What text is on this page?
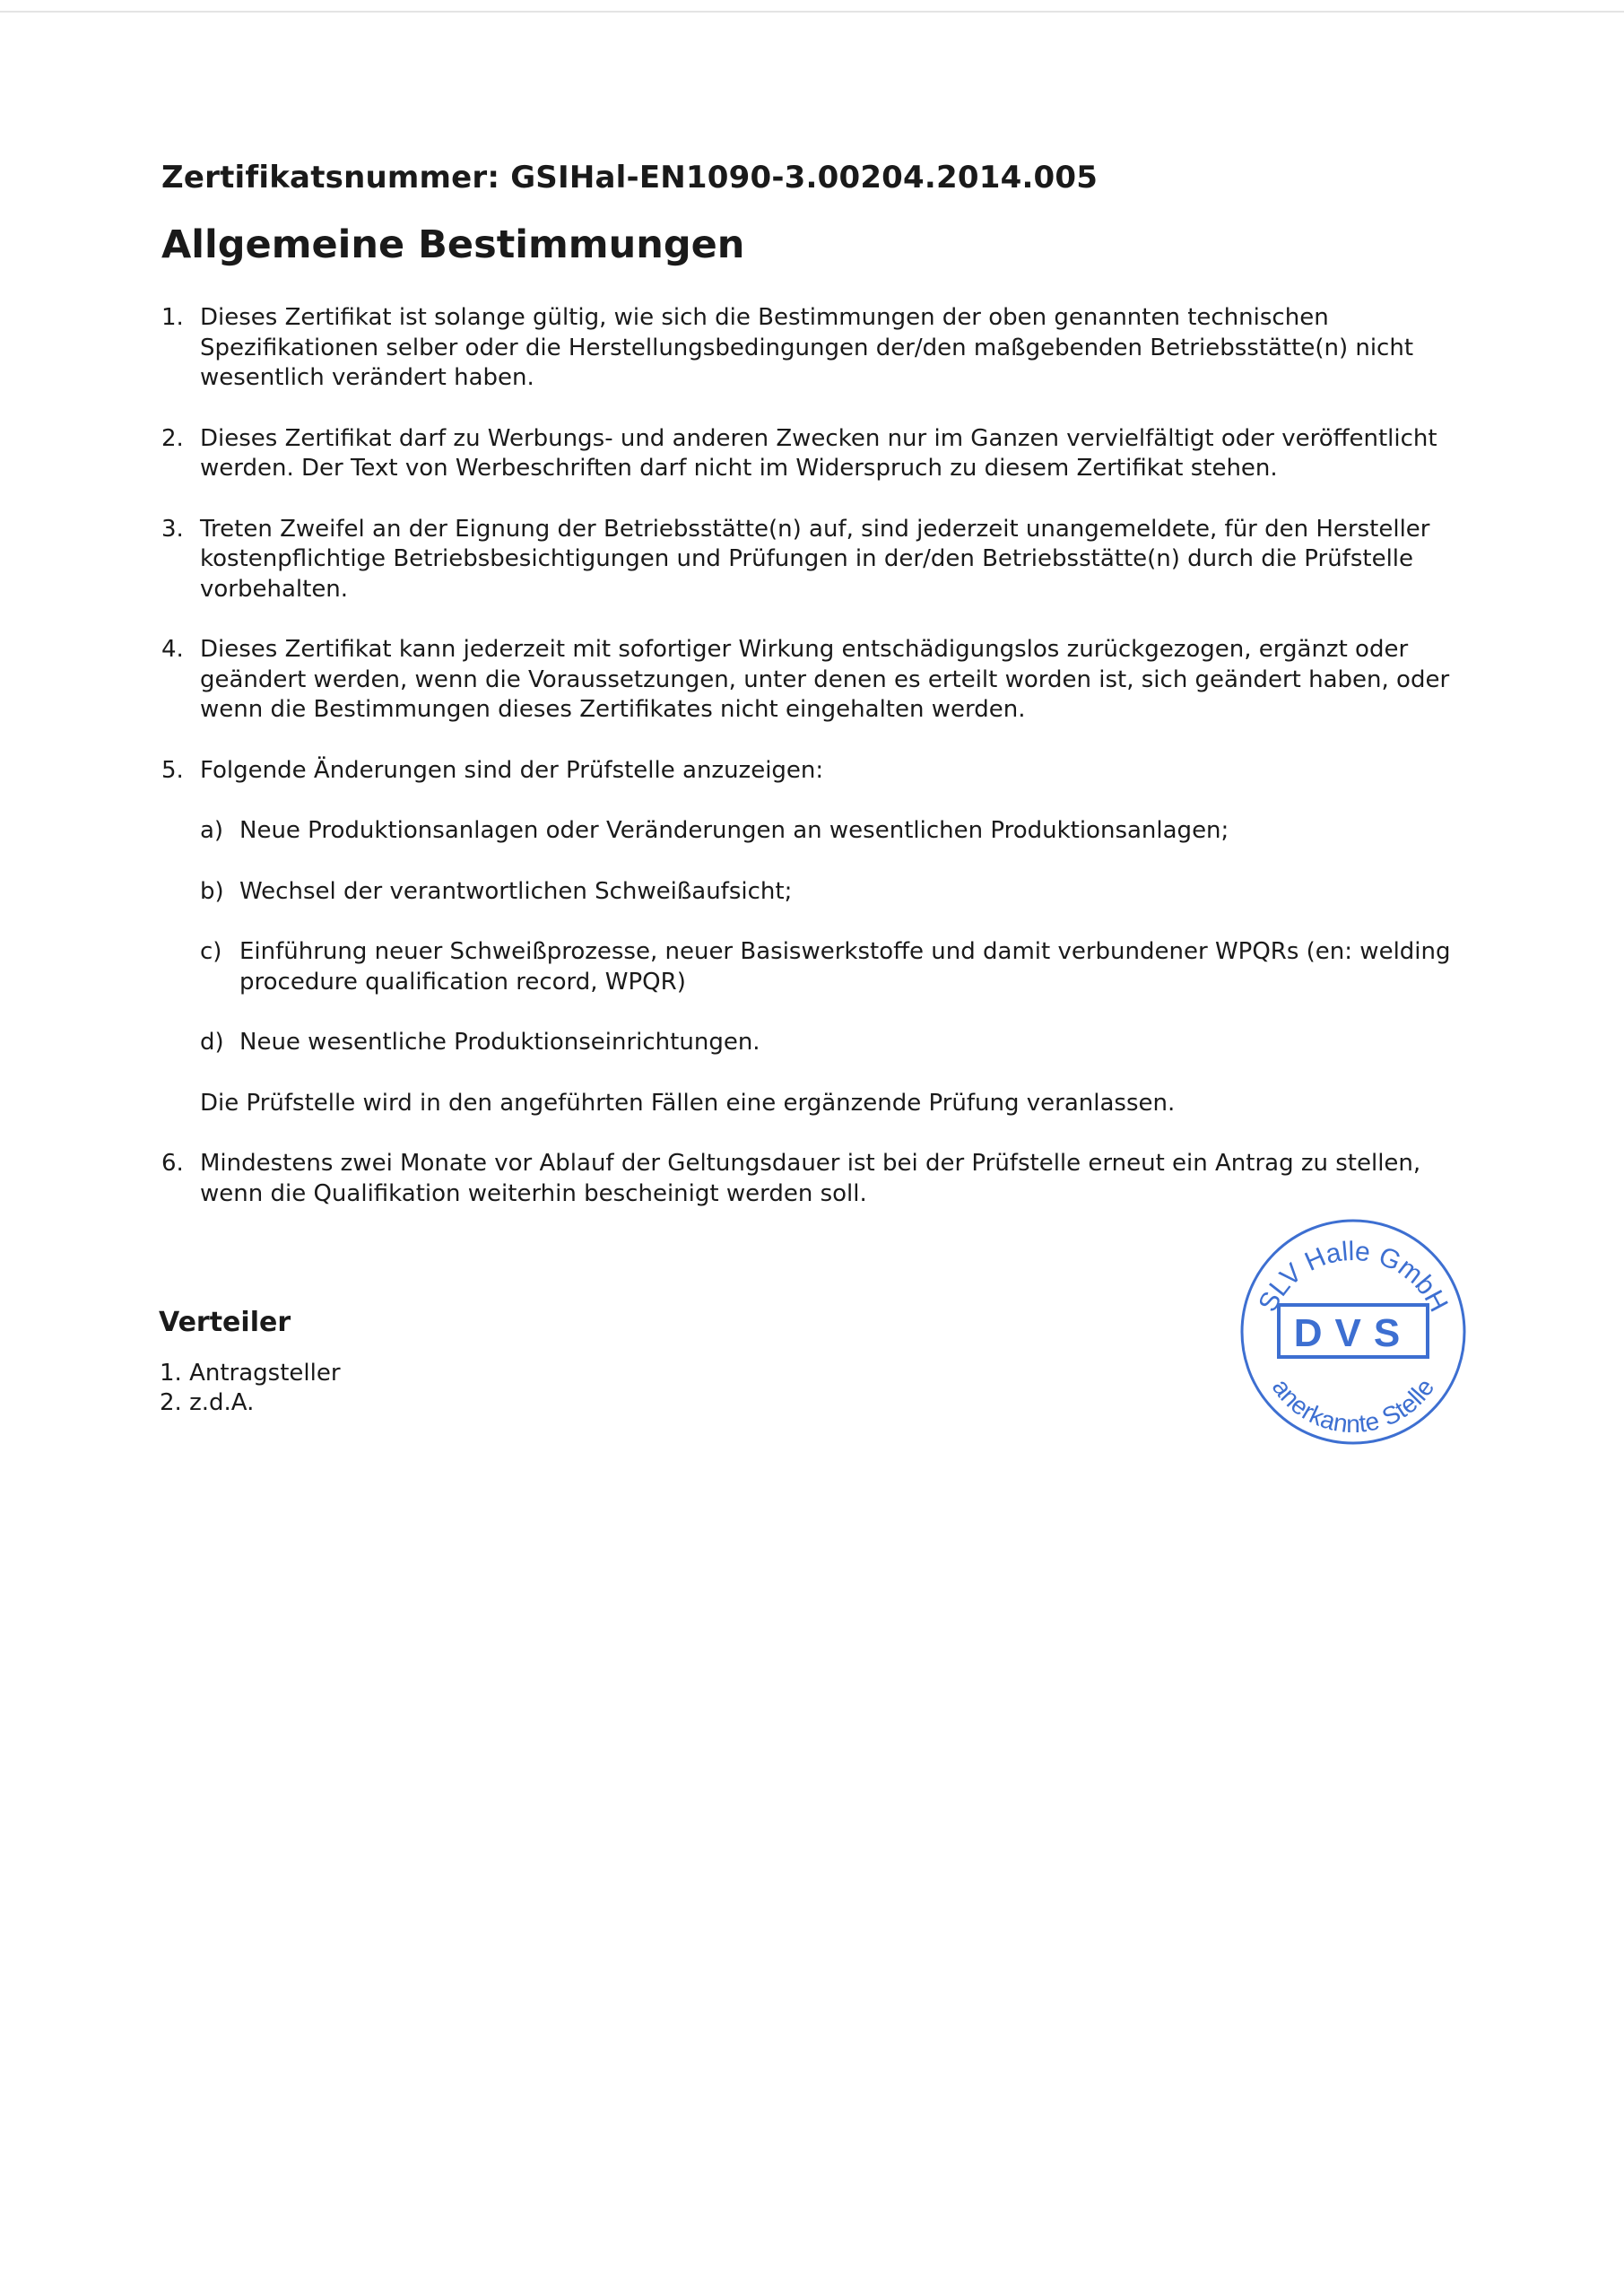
Zertifikatsnummer: GSIHal-EN1090-3.00204.2014.005
Allgemeine Bestimmungen
1. Dieses Zertifikat ist solange gültig, wie sich die Bestimmungen der oben genannten technischen Spezifikationen selber oder die Herstellungsbedingungen der/den maßgebenden Betriebsstätte(n) nicht wesentlich verändert haben.
2. Dieses Zertifikat darf zu Werbungs- und anderen Zwecken nur im Ganzen vervielfältigt oder veröffentlicht werden. Der Text von Werbeschriften darf nicht im Widerspruch zu diesem Zertifikat stehen.
3. Treten Zweifel an der Eignung der Betriebsstätte(n) auf, sind jederzeit unangemeldete, für den Hersteller kostenpflichtige Betriebsbesichtigungen und Prüfungen in der/den Betriebsstätte(n) durch die Prüfstelle vorbehalten.
4. Dieses Zertifikat kann jederzeit mit sofortiger Wirkung entschädigungslos zurückgezogen, ergänzt oder geändert werden, wenn die Voraussetzungen, unter denen es erteilt worden ist, sich geändert haben, oder wenn die Bestimmungen dieses Zertifikates nicht eingehalten werden.
5. Folgende Änderungen sind der Prüfstelle anzuzeigen:
a) Neue Produktionsanlagen oder Veränderungen an wesentlichen Produktionsanlagen;
b) Wechsel der verantwortlichen Schweißaufsicht;
c) Einführung neuer Schweißprozesse, neuer Basiswerkstoffe und damit verbundener WPQRs (en: welding procedure qualification record, WPQR)
d) Neue wesentliche Produktionseinrichtungen.
Die Prüfstelle wird in den angeführten Fällen eine ergänzende Prüfung veranlassen.
6. Mindestens zwei Monate vor Ablauf der Geltungsdauer ist bei der Prüfstelle erneut ein Antrag zu stellen, wenn die Qualifikation weiterhin bescheinigt werden soll.
Verteiler
1. Antragsteller
2. z.d.A.
SLV Halle GmbH
DVS
anerkannte Stelle
